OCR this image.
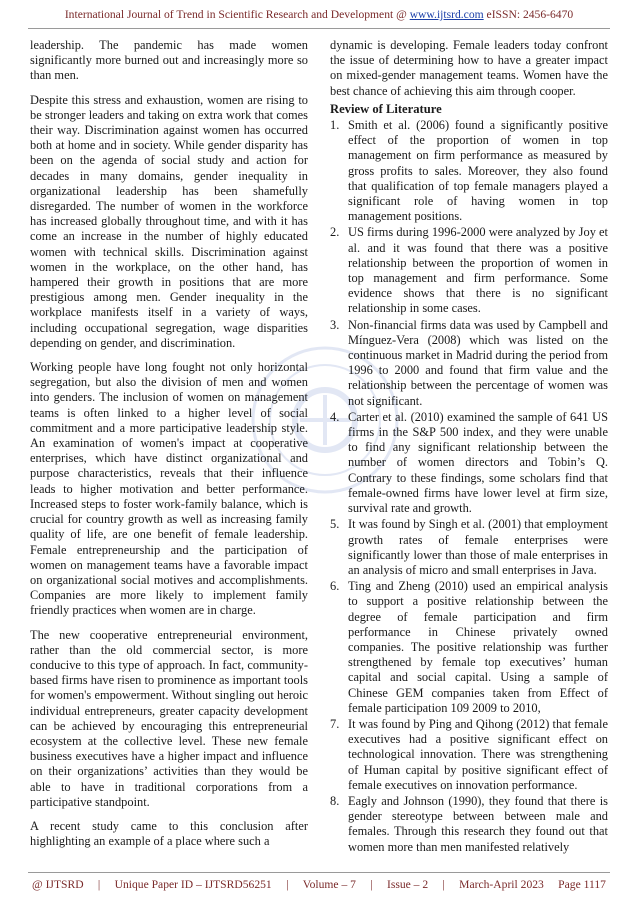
International Journal of Trend in Scientific Research and Development @ www.ijtsrd.com eISSN: 2456-6470

leadership. The pandemic has made women significantly more burned out and increasingly more so than men.

Despite this stress and exhaustion, women are rising to be stronger leaders and taking on extra work that comes their way. Discrimination against women has occurred both at home and in society. While gender disparity has been on the agenda of social study and action for decades in many domains, gender inequality in organizational leadership has been shamefully disregarded. The number of women in the workforce has increased globally throughout time, and with it has come an increase in the number of highly educated women with technical skills. Discrimination against women in the workplace, on the other hand, has hampered their growth in positions that are more prestigious among men. Gender inequality in the workplace manifests itself in a variety of ways, including occupational segregation, wage disparities depending on gender, and discrimination.

Working people have long fought not only horizontal segregation, but also the division of men and women into genders. The inclusion of women on management teams is often linked to a higher level of social commitment and a more participative leadership style. An examination of women's impact at cooperative enterprises, which have distinct organizational and purpose characteristics, reveals that their influence leads to higher motivation and better performance. Increased steps to foster work-family balance, which is crucial for country growth as well as increasing family quality of life, are one benefit of female leadership. Female entrepreneurship and the participation of women on management teams have a favorable impact on organizational social motives and accomplishments. Companies are more likely to implement family friendly practices when women are in charge.

The new cooperative entrepreneurial environment, rather than the old commercial sector, is more conducive to this type of approach. In fact, community-based firms have risen to prominence as important tools for women's empowerment. Without singling out heroic individual entrepreneurs, greater capacity development can be achieved by encouraging this entrepreneurial ecosystem at the collective level. These new female business executives have a higher impact and influence on their organizations’ activities than they would be able to have in traditional corporations from a participative standpoint.

A recent study came to this conclusion after highlighting an example of a place where such a

dynamic is developing. Female leaders today confront the issue of determining how to have a greater impact on mixed-gender management teams. Women have the best chance of achieving this aim through cooper.

Review of Literature
1. Smith et al. (2006) found a significantly positive effect of the proportion of women in top management on firm performance as measured by gross profits to sales. Moreover, they also found that qualification of top female managers played a significant role of having women in top management positions.
2. US firms during 1996-2000 were analyzed by Joy et al. and it was found that there was a positive relationship between the proportion of women in top management and firm performance. Some evidence shows that there is no significant relationship in some cases.
3. Non-financial firms data was used by Campbell and Mínguez-Vera (2008) which was listed on the continuous market in Madrid during the period from 1996 to 2000 and found that firm value and the relationship between the percentage of women was not significant.
4. Carter et al. (2010) examined the sample of 641 US firms in the S&P 500 index, and they were unable to find any significant relationship between the number of women directors and Tobin’s Q. Contrary to these findings, some scholars find that female-owned firms have lower level at firm size, survival rate and growth.
5. It was found by Singh et al. (2001) that employment growth rates of female enterprises were significantly lower than those of male enterprises in an analysis of micro and small enterprises in Java.
6. Ting and Zheng (2010) used an empirical analysis to support a positive relationship between the degree of female participation and firm performance in Chinese privately owned companies. The positive relationship was further strengthened by female top executives’ human capital and social capital. Using a sample of Chinese GEM companies taken from Effect of female participation 109 2009 to 2010,
7. It was found by Ping and Qihong (2012) that female executives had a positive significant effect on technological innovation. There was strengthening of Human capital by positive significant effect of female executives on innovation performance.
8. Eagly and Johnson (1990), they found that there is gender stereotype between between male and females. Through this research they found out that women more than men manifested relatively
@ IJTSRD | Unique Paper ID – IJTSRD56251 | Volume – 7 | Issue – 2 | March-April 2023 Page 1117
